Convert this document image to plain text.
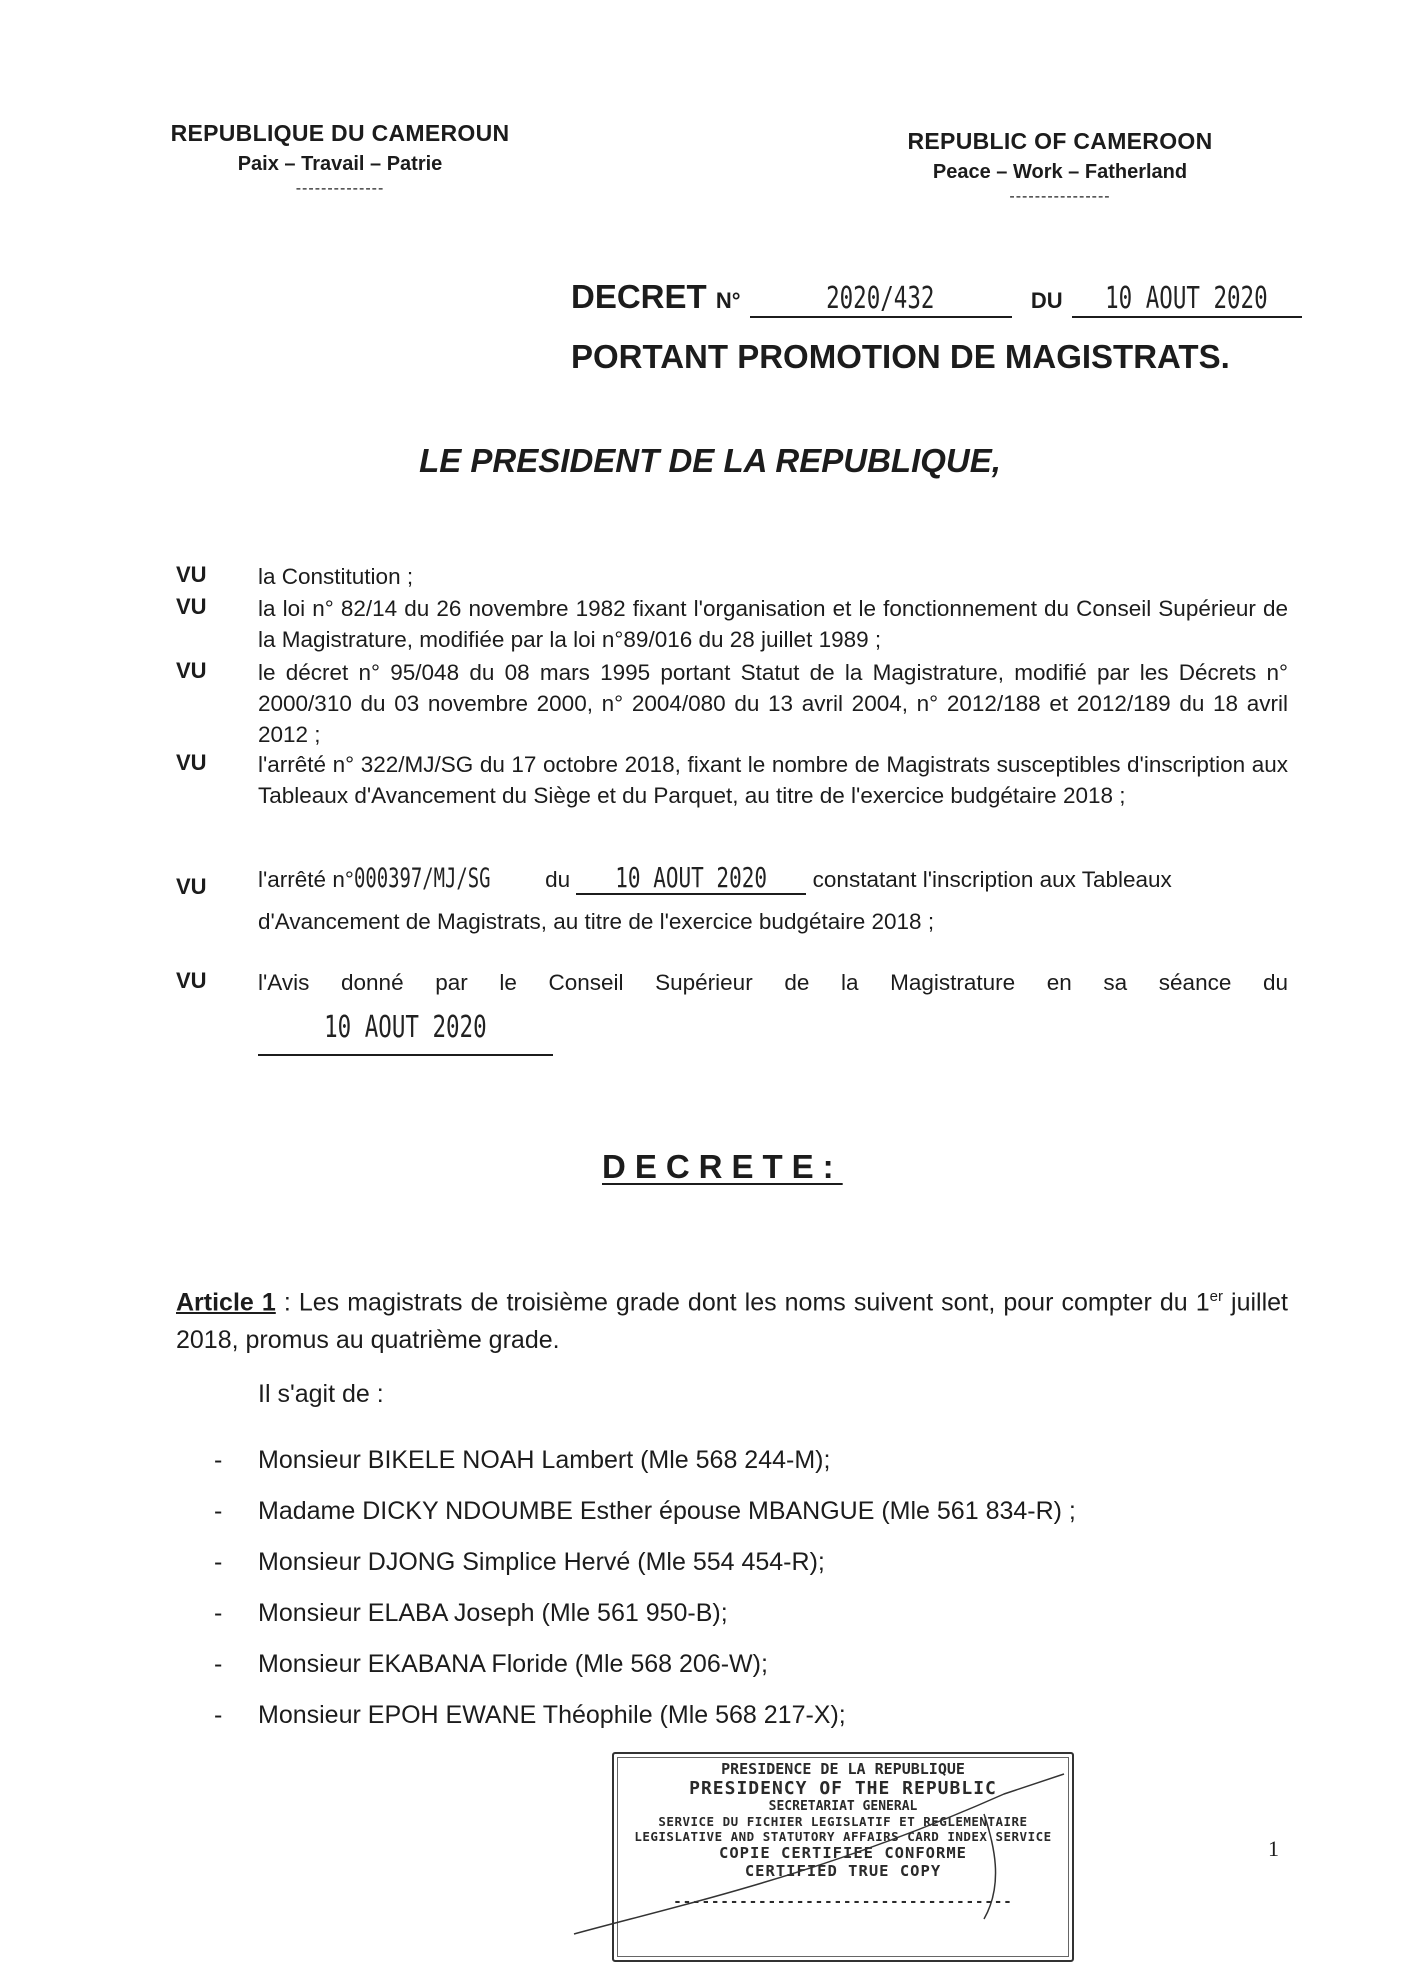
REPUBLIQUE DU CAMEROUN
Paix – Travail – Patrie
--------------
REPUBLIC OF CAMEROON
Peace – Work – Fatherland
----------------
DECRET N°	2020/432	DU 10 AOUT 2020
PORTANT PROMOTION DE MAGISTRATS.
LE PRESIDENT DE LA REPUBLIQUE,
VU la Constitution ;
VU la loi n° 82/14 du 26 novembre 1982 fixant l'organisation et le fonctionnement du Conseil Supérieur de la Magistrature, modifiée par la loi n°89/016 du 28 juillet 1989 ;
VU le décret n° 95/048 du 08 mars 1995 portant Statut de la Magistrature, modifié par les Décrets n° 2000/310 du 03 novembre 2000, n° 2004/080 du 13 avril 2004, n° 2012/188 et 2012/189 du 18 avril 2012 ;
VU l'arrêté n° 322/MJ/SG du 17 octobre 2018, fixant le nombre de Magistrats susceptibles d'inscription aux Tableaux d'Avancement du Siège et du Parquet, au titre de l'exercice budgétaire 2018 ;
VU l'arrêté n°000397/MJ/SG du 10 AOUT 2020 constatant l'inscription aux Tableaux
d'Avancement de Magistrats, au titre de l'exercice budgétaire 2018 ;
VU l'Avis donné par le Conseil Supérieur de la Magistrature en sa séance du
10 AOUT 2020
DECRETE:
Article 1 : Les magistrats de troisième grade dont les noms suivent sont, pour compter du 1er juillet 2018, promus au quatrième grade.
Il s'agit de :
- Monsieur BIKELE NOAH Lambert (Mle 568 244-M);
- Madame DICKY NDOUMBE Esther épouse MBANGUE (Mle 561 834-R) ;
- Monsieur DJONG Simplice Hervé (Mle 554 454-R);
- Monsieur ELABA Joseph (Mle 561 950-B);
- Monsieur EKABANA Floride (Mle 568 206-W);
- Monsieur EPOH EWANE Théophile (Mle 568 217-X);
PRESIDENCE DE LA REPUBLIQUE
PRESIDENCY OF THE REPUBLIC
SECRETARIAT GENERAL
SERVICE DU FICHIER LEGISLATIF ET REGLEMENTAIRE
LEGISLATIVE AND STATUTORY AFFAIRS CARD INDEX SERVICE
COPIE CERTIFIEE CONFORME
CERTIFIED TRUE COPY
------------------------------------
1
